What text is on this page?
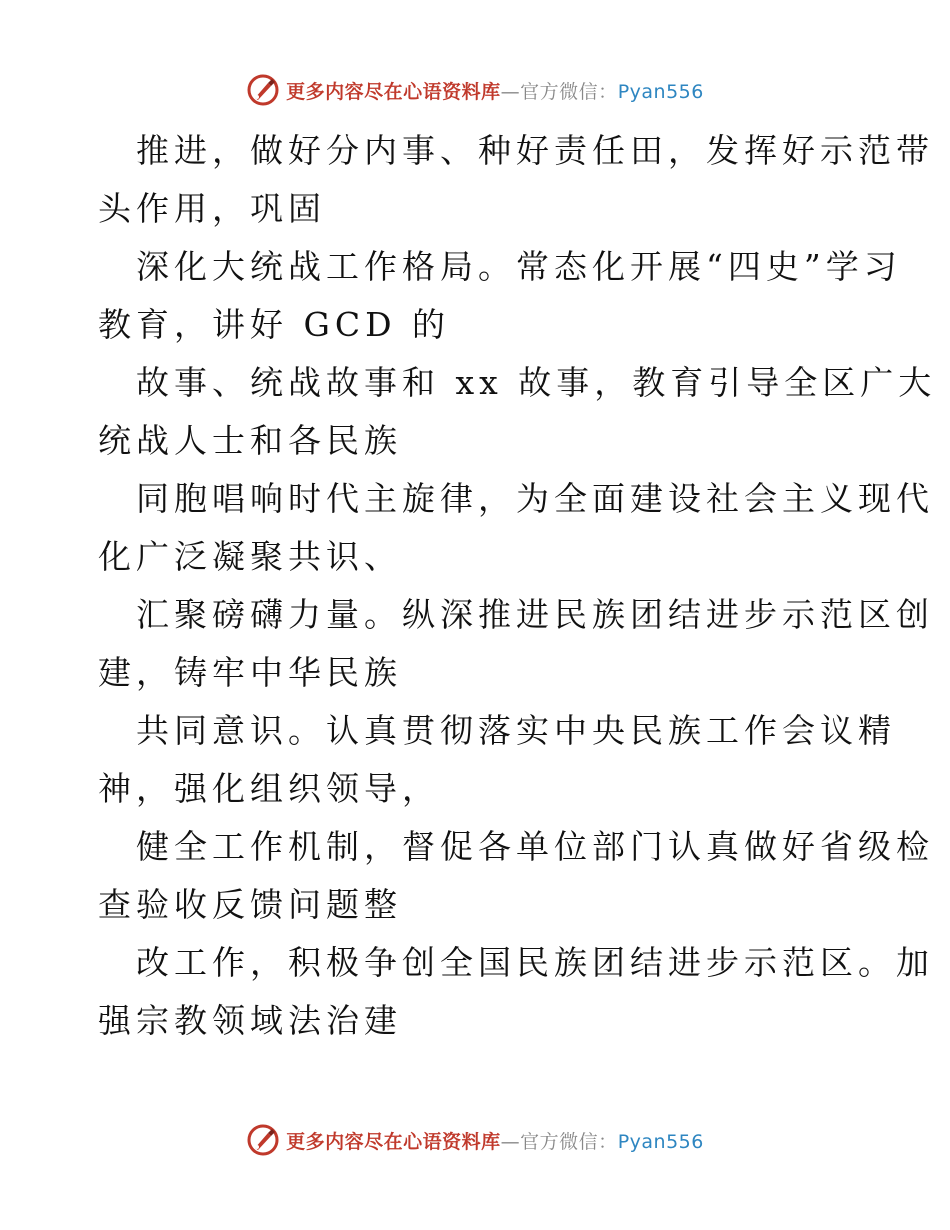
更多内容尽在心语资料库—官方微信：Pyan556
推进，做好分内事、种好责任田，发挥好示范带
头作用，巩固
深化大统战工作格局。常态化开展“四史”学习
教育，讲好 GCD 的
故事、统战故事和 xx 故事，教育引导全区广大
统战人士和各民族
同胞唱响时代主旋律，为全面建设社会主义现代
化广泛凝聚共识、
汇聚磅礴力量。纵深推进民族团结进步示范区创
建，铸牢中华民族
共同意识。认真贯彻落实中央民族工作会议精
神，强化组织领导，
健全工作机制，督促各单位部门认真做好省级检
查验收反馈问题整
改工作，积极争创全国民族团结进步示范区。加
强宗教领域法治建
更多内容尽在心语资料库—官方微信：Pyan556
